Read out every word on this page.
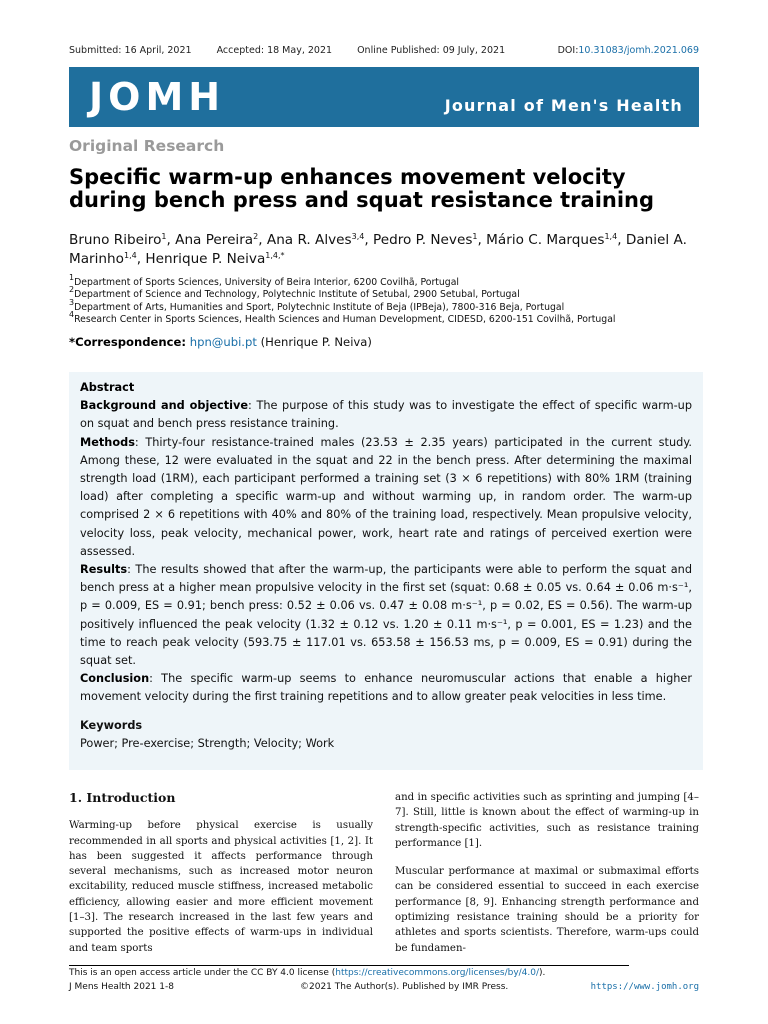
Submitted: 16 April, 2021	Accepted: 18 May, 2021	Online Published: 09 July, 2021	DOI:10.31083/jomh.2021.069
JOMH	Journal of Men's Health
Original Research
Specific warm-up enhances movement velocity during bench press and squat resistance training
Bruno Ribeiro$^1$, Ana Pereira$^2$, Ana R. Alves$^{3,4}$, Pedro P. Neves$^1$, Mário C. Marques$^{1,4}$, Daniel A. Marinho$^{1,4}$, Henrique P. Neiva$^{1,4,*}$
$^1$Department of Sports Sciences, University of Beira Interior, 6200 Covilhã, Portugal
$^2$Department of Science and Technology, Polytechnic Institute of Setubal, 2900 Setubal, Portugal
$^3$Department of Arts, Humanities and Sport, Polytechnic Institute of Beja (IPBeja), 7800-316 Beja, Portugal
$^4$Research Center in Sports Sciences, Health Sciences and Human Development, CIDESD, 6200-151 Covilhã, Portugal
*Correspondence: hpn@ubi.pt (Henrique P. Neiva)
Abstract

Background and objective: The purpose of this study was to investigate the effect of specific warm-up on squat and bench press resistance training.

Methods: Thirty-four resistance-trained males (23.53 ± 2.35 years) participated in the current study. Among these, 12 were evaluated in the squat and 22 in the bench press. After determining the maximal strength load (1RM), each participant performed a training set (3 × 6 repetitions) with 80% 1RM (training load) after completing a specific warm-up and without warming up, in random order. The warm-up comprised 2 × 6 repetitions with 40% and 80% of the training load, respectively. Mean propulsive velocity, velocity loss, peak velocity, mechanical power, work, heart rate and ratings of perceived exertion were assessed.

Results: The results showed that after the warm-up, the participants were able to perform the squat and bench press at a higher mean propulsive velocity in the first set (squat: 0.68 ± 0.05 vs. 0.64 ± 0.06 m·s⁻¹, p = 0.009, ES = 0.91; bench press: 0.52 ± 0.06 vs. 0.47 ± 0.08 m·s⁻¹, p = 0.02, ES = 0.56). The warm-up positively influenced the peak velocity (1.32 ± 0.12 vs. 1.20 ± 0.11 m·s⁻¹, p = 0.001, ES = 1.23) and the time to reach peak velocity (593.75 ± 117.01 vs. 653.58 ± 156.53 ms, p = 0.009, ES = 0.91) during the squat set.

Conclusion: The specific warm-up seems to enhance neuromuscular actions that enable a higher movement velocity during the first training repetitions and to allow greater peak velocities in less time.

Keywords
Power; Pre-exercise; Strength; Velocity; Work
1. Introduction

Warming-up before physical exercise is usually recommended in all sports and physical activities [1, 2]. It has been suggested it affects performance through several mechanisms, such as increased motor neuron excitability, reduced muscle stiffness, increased metabolic efficiency, allowing easier and more efficient movement [1–3]. The research increased in the last few years and supported the positive effects of warm-ups in individual and team sports

and in specific activities such as sprinting and jumping [4–7]. Still, little is known about the effect of warming-up in strength-specific activities, such as resistance training performance [1].

Muscular performance at maximal or submaximal efforts can be considered essential to succeed in each exercise performance [8, 9]. Enhancing strength performance and optimizing resistance training should be a priority for athletes and sports scientists. Therefore, warm-ups could be fundamen-

This is an open access article under the CC BY 4.0 license (https://creativecommons.org/licenses/by/4.0/).
J Mens Health 2021 1-8	©2021 The Author(s). Published by IMR Press.	https://www.jomh.org
